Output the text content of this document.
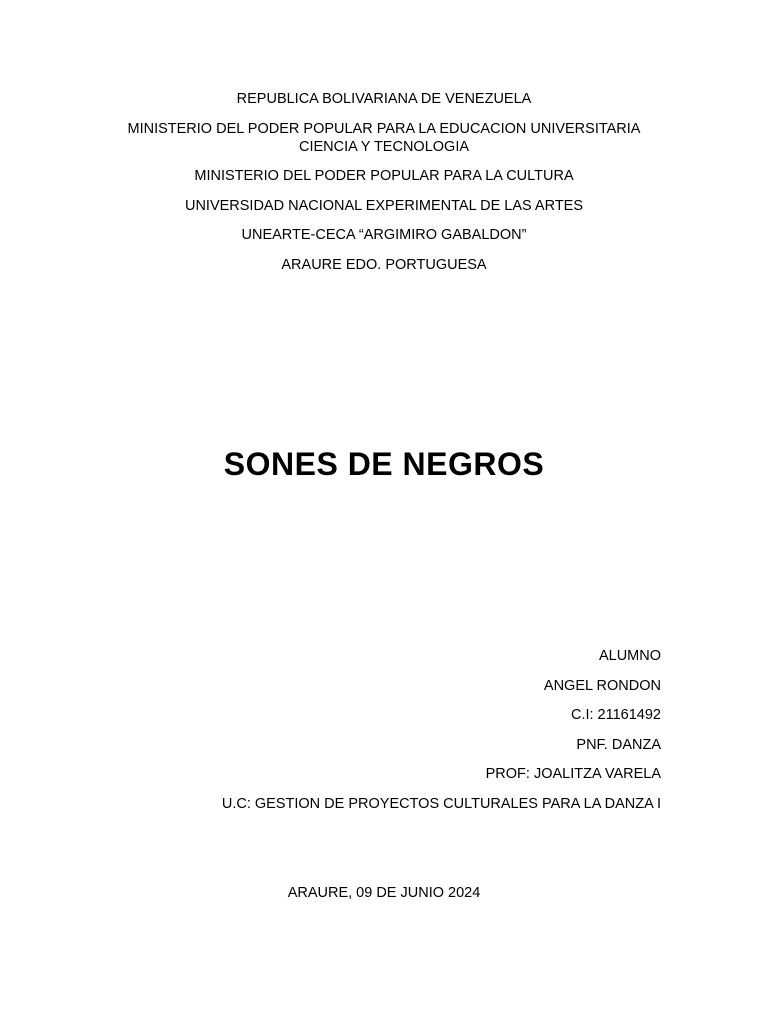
REPUBLICA BOLIVARIANA DE VENEZUELA
MINISTERIO DEL PODER POPULAR PARA LA EDUCACION UNIVERSITARIA
CIENCIA Y TECNOLOGIA
MINISTERIO DEL PODER POPULAR PARA LA CULTURA
UNIVERSIDAD NACIONAL EXPERIMENTAL DE LAS ARTES
UNEARTE-CECA “ARGIMIRO GABALDON”
ARAURE EDO. PORTUGUESA
SONES DE NEGROS
ALUMNO
ANGEL RONDON
C.I: 21161492
PNF. DANZA
PROF: JOALITZA VARELA
U.C: GESTION DE PROYECTOS CULTURALES PARA LA DANZA I
ARAURE, 09 DE JUNIO 2024
